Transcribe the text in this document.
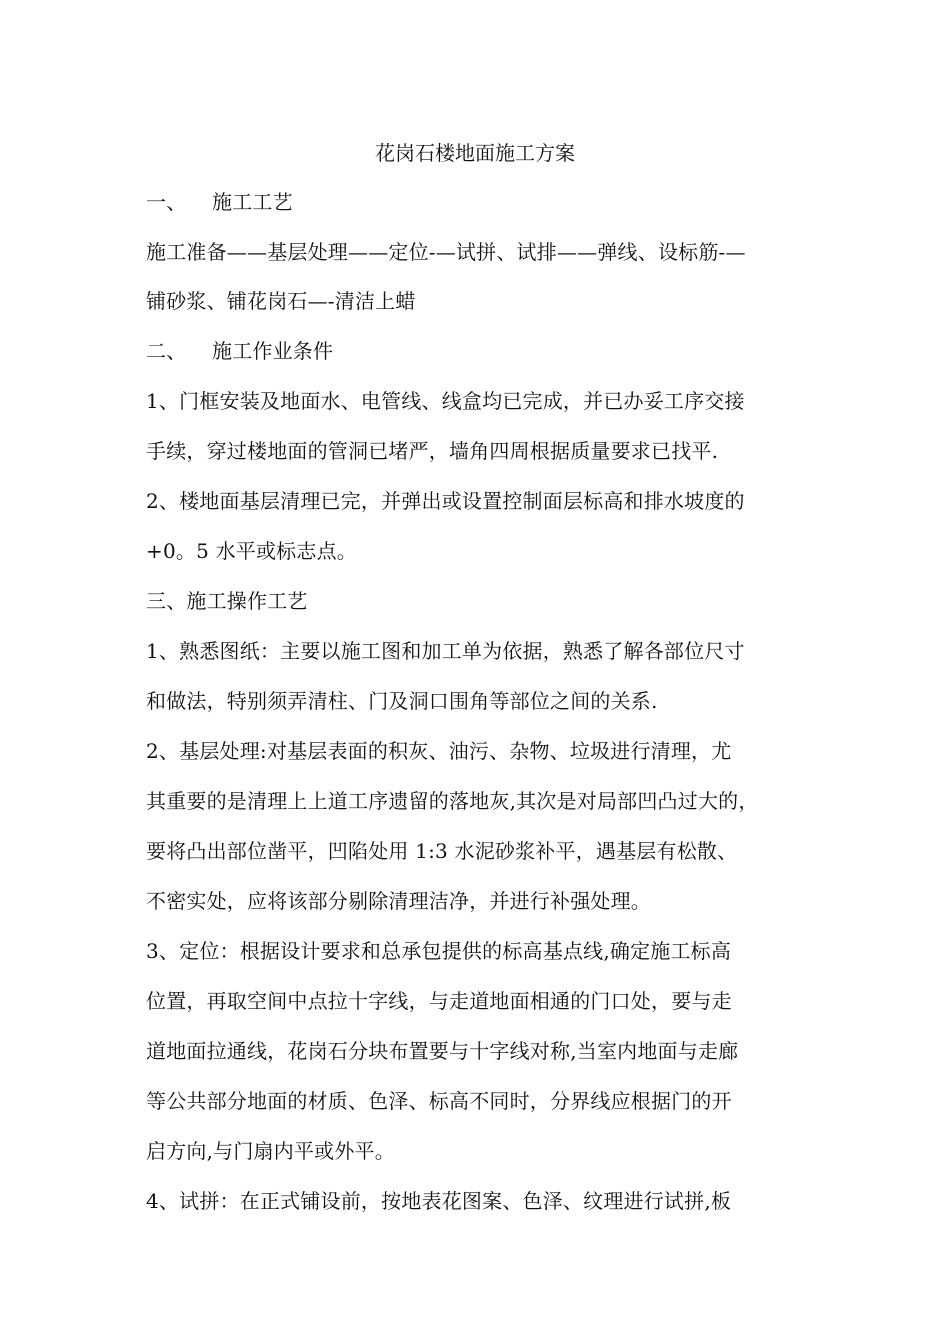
花岗石楼地面施工方案
一、 施工工艺
施工准备——基层处理——定位-—试拼、试排——弹线、设标筋-—
铺砂浆、铺花岗石—-清洁上蜡
二、 施工作业条件
1、门框安装及地面水、电管线、线盒均已完成，并已办妥工序交接
手续，穿过楼地面的管洞已堵严，墙角四周根据质量要求已找平.
2、楼地面基层清理已完，并弹出或设置控制面层标高和排水坡度的
+0。5 水平或标志点。
三、施工操作工艺
1、熟悉图纸：主要以施工图和加工单为依据，熟悉了解各部位尺寸
和做法，特别须弄清柱、门及洞口围角等部位之间的关系.
2、基层处理:对基层表面的积灰、油污、杂物、垃圾进行清理，尤
其重要的是清理上上道工序遗留的落地灰,其次是对局部凹凸过大的，
要将凸出部位凿平，凹陷处用 1:3 水泥砂浆补平，遇基层有松散、
不密实处，应将该部分剔除清理洁净，并进行补强处理。
3、定位：根据设计要求和总承包提供的标高基点线,确定施工标高
位置，再取空间中点拉十字线，与走道地面相通的门口处，要与走
道地面拉通线，花岗石分块布置要与十字线对称,当室内地面与走廊
等公共部分地面的材质、色泽、标高不同时，分界线应根据门的开
启方向,与门扇内平或外平。
4、试拼：在正式铺设前，按地表花图案、色泽、纹理进行试拼,板
